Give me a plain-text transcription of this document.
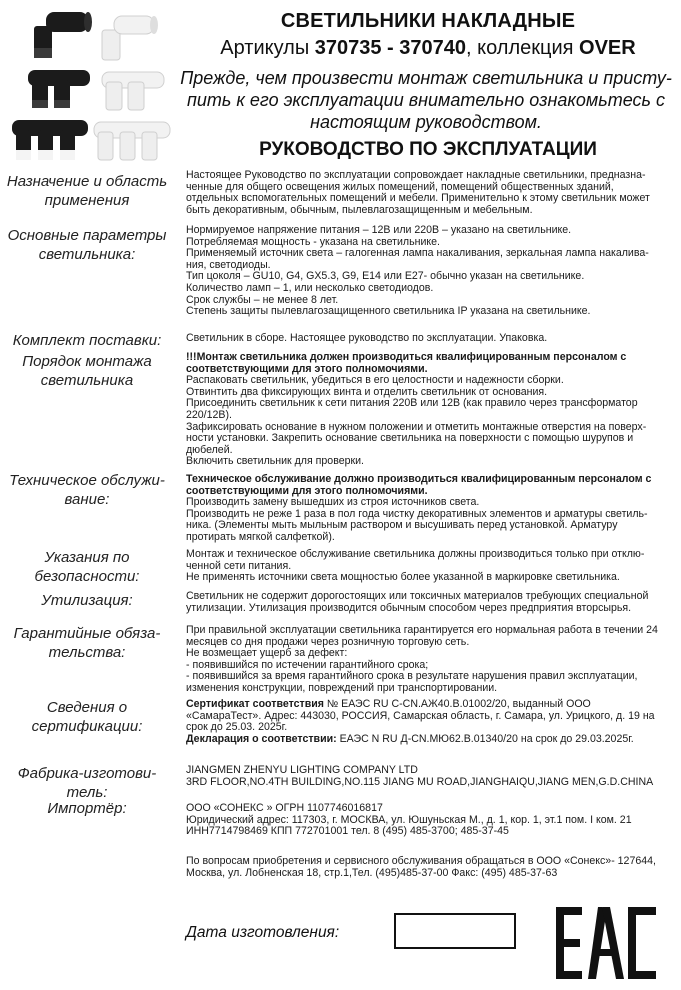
СВЕТИЛЬНИКИ НАКЛАДНЫЕ
Артикулы 370735 - 370740, коллекция OVER
Прежде, чем произвести монтаж светильника и присту-пить к его эксплуатации внимательно ознакомьтесь с настоящим руководством.
РУКОВОДСТВО ПО ЭКСПЛУАТАЦИИ
Назначение и область применения

Настоящее Руководство по эксплуатации сопровождает накладные светильники, предназна-ченные для общего освещения жилых помещений, помещений общественных зданий, отдельных вспомогательных помещений и мебели. Применительно к этому светильник может быть декоративным, обычным, пылевлагозащищенным и мебельным.

Основные параметры светильника:

Нормируемое напряжение питания – 12В или 220В – указано на светильнике.

Потребляемая мощность - указана на светильнике.

Применяемый источник света – галогенная лампа накаливания, зеркальная лампа накалива-ния, светодиоды.

Тип цоколя – GU10, G4, GX5.3, G9, E14 или E27- обычно указан на светильнике.

Количество ламп – 1, или несколько светодиодов.

Срок службы – не менее 8 лет.

Степень защиты пылевлагозащищенного светильника IP указана на светильнике.

Комплект поставки:	Светильник в сборе. Настоящее руководство по эксплуатации. Упаковка.

Порядок монтажа светильника

!!!Монтаж светильника должен производиться квалифицированным персоналом с соответствующими для этого полномочиями.

Распаковать светильник, убедиться в его целостности и надежности сборки.

Отвинтить два фиксирующих винта и отделить светильник от основания.

Присоединить светильник к сети питания 220В или 12В (как правило через трансформатор 220/12В).

Зафиксировать основание в нужном положении и отметить монтажные отверстия на поверх-ности установки. Закрепить основание светильника на поверхности с помощью шурупов и дюбелей.

Включить светильник для проверки.

Техническое обслужи-вание:

Техническое обслуживание должно производиться квалифицированным персоналом с соответствующими для этого полномочиями.

Производить замену вышедших из строя источников света.

Производить не реже 1 раза в пол года чистку декоративных элементов и арматуры светиль-ника. (Элементы мыть мыльным раствором и высушивать перед установкой. Арматуру протирать мягкой салфеткой).

Указания по безопасности:

Монтаж и техническое обслуживание светильника должны производиться только при отклю-ченной сети питания.

Не применять источники света мощностью более указанной в маркировке светильника.

Утилизация:	Светильник не содержит дорогостоящих или токсичных материалов требующих специальной утилизации. Утилизация производится обычным способом через предприятия вторсырья.

Гарантийные обяза-тельства:

При правильной эксплуатации светильника гарантируется его нормальная работа в течении 24 месяцев со дня продажи через розничную торговую сеть.

Не возмещает ущерб за дефект:

- появившийся по истечении гарантийного срока;

- появившийся за время гарантийного срока в результате нарушения правил эксплуатации, изменения конструкции, повреждений при транспортировании.

Сведения о сертификации:

Сертификат соответствия № ЕАЭС RU C-CN.АЖ40.В.01002/20, выданный ООО «СамараТест». Адрес: 443030, РОССИЯ, Самарская область, г. Самара, ул. Урицкого, д. 19 на срок до 25.03. 2025г.

Декларация о соответствии: ЕАЭС N RU Д-CN.МЮ62.В.01340/20 на срок до 29.03.2025г.

Фабрика-изготови-тель:

JIANGMEN ZHENYU LIGHTING COMPANY LTD

3RD FLOOR,NO.4TH BUILDING,NO.115 JIANG MU ROAD,JIANGHAIQU,JIANG MEN,G.D.CHINA

Импортёр:	ООО «СОНЕКС » ОГРН 1107746016817

Юридический адрес: 117303, г. МОСКВА, ул. Юшуньская М., д. 1, кор. 1, эт.1 пом. I ком. 21

ИНН7714798469 КПП 772701001 тел. 8 (495) 485-3700; 485-37-45

По вопросам приобретения и сервисного обслуживания обращаться в ООО «Сонекс»- 127644, Москва, ул. Лобненская 18, стр.1,Тел. (495)485-37-00 Факс: (495) 485-37-63

Дата изготовления:
